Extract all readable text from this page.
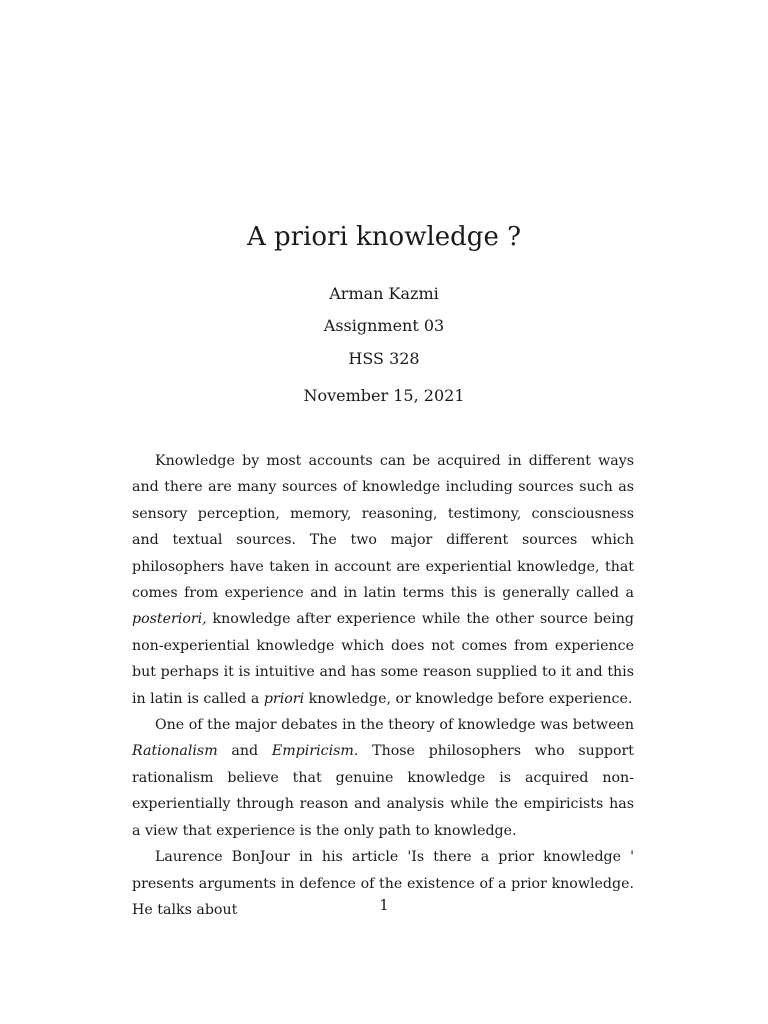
A priori knowledge ?
Arman Kazmi
Assignment 03
HSS 328
November 15, 2021

Knowledge by most accounts can be acquired in different ways and there are many sources of knowledge including sources such as sensory perception, memory, reasoning, testimony, consciousness and textual sources. The two major different sources which philosophers have taken in account are experiential knowledge, that comes from experience and in latin terms this is generally called a posteriori, knowledge after experience while the other source being non-experiential knowledge which does not comes from experience but perhaps it is intuitive and has some reason supplied to it and this in latin is called a priori knowledge, or knowledge before experience.

One of the major debates in the theory of knowledge was between Rationalism and Empiricism. Those philosophers who support rationalism believe that genuine knowledge is acquired non-experientially through reason and analysis while the empiricists has a view that experience is the only path to knowledge.

Laurence BonJour in his article 'Is there a prior knowledge ' presents arguments in defence of the existence of a prior knowledge. He talks about	1
